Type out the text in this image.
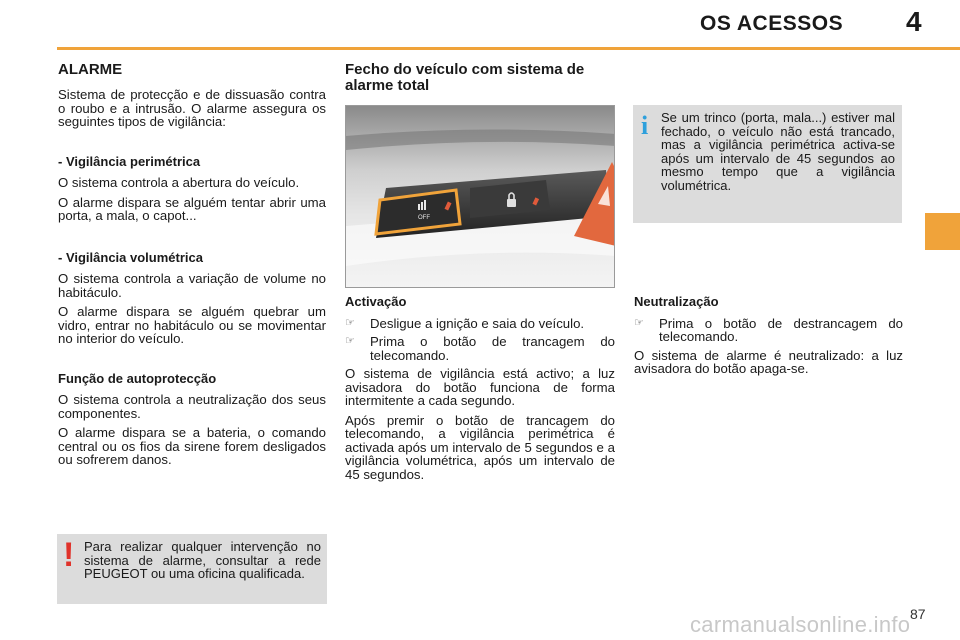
OS ACESSOS 4
ALARME

Sistema de protecção e de dissuasão contra o roubo e a intrusão. O alarme assegura os seguintes tipos de vigilância:

- Vigilância perimétrica

O sistema controla a abertura do veículo.

O alarme dispara se alguém tentar abrir uma porta, a mala, o capot...

- Vigilância volumétrica

O sistema controla a variação de volume no habitáculo.

O alarme dispara se alguém quebrar um vidro, entrar no habitáculo ou se movimentar no interior do veículo.

Função de autoprotecção

O sistema controla a neutralização dos seus componentes.

O alarme dispara se a bateria, o comando central ou os fios da sirene forem desligados ou sofrerem danos.

! Para realizar qualquer intervenção no sistema de alarme, consultar a rede PEUGEOT ou uma oficina qualificada.
Fecho do veículo com sistema de alarme total
OFF
Activação
☞ Desligue a ignição e saia do veículo.
☞ Prima o botão de trancagem do telecomando.

O sistema de vigilância está activo; a luz avisadora do botão funciona de forma intermitente a cada segundo.

Após premir o botão de trancagem do telecomando, a vigilância perimétrica é activada após um intervalo de 5 segundos e a vigilância volumétrica, após um intervalo de 45 segundos.

i Se um trinco (porta, mala...) estiver mal fechado, o veículo não está trancado, mas a vigilância perimétrica activa-se após um intervalo de 45 segundos ao mesmo tempo que a vigilância volumétrica.
Neutralização
☞ Prima o botão de destrancagem do telecomando.

O sistema de alarme é neutralizado: a luz avisadora do botão apaga-se.

87
carmanualsonline.info
